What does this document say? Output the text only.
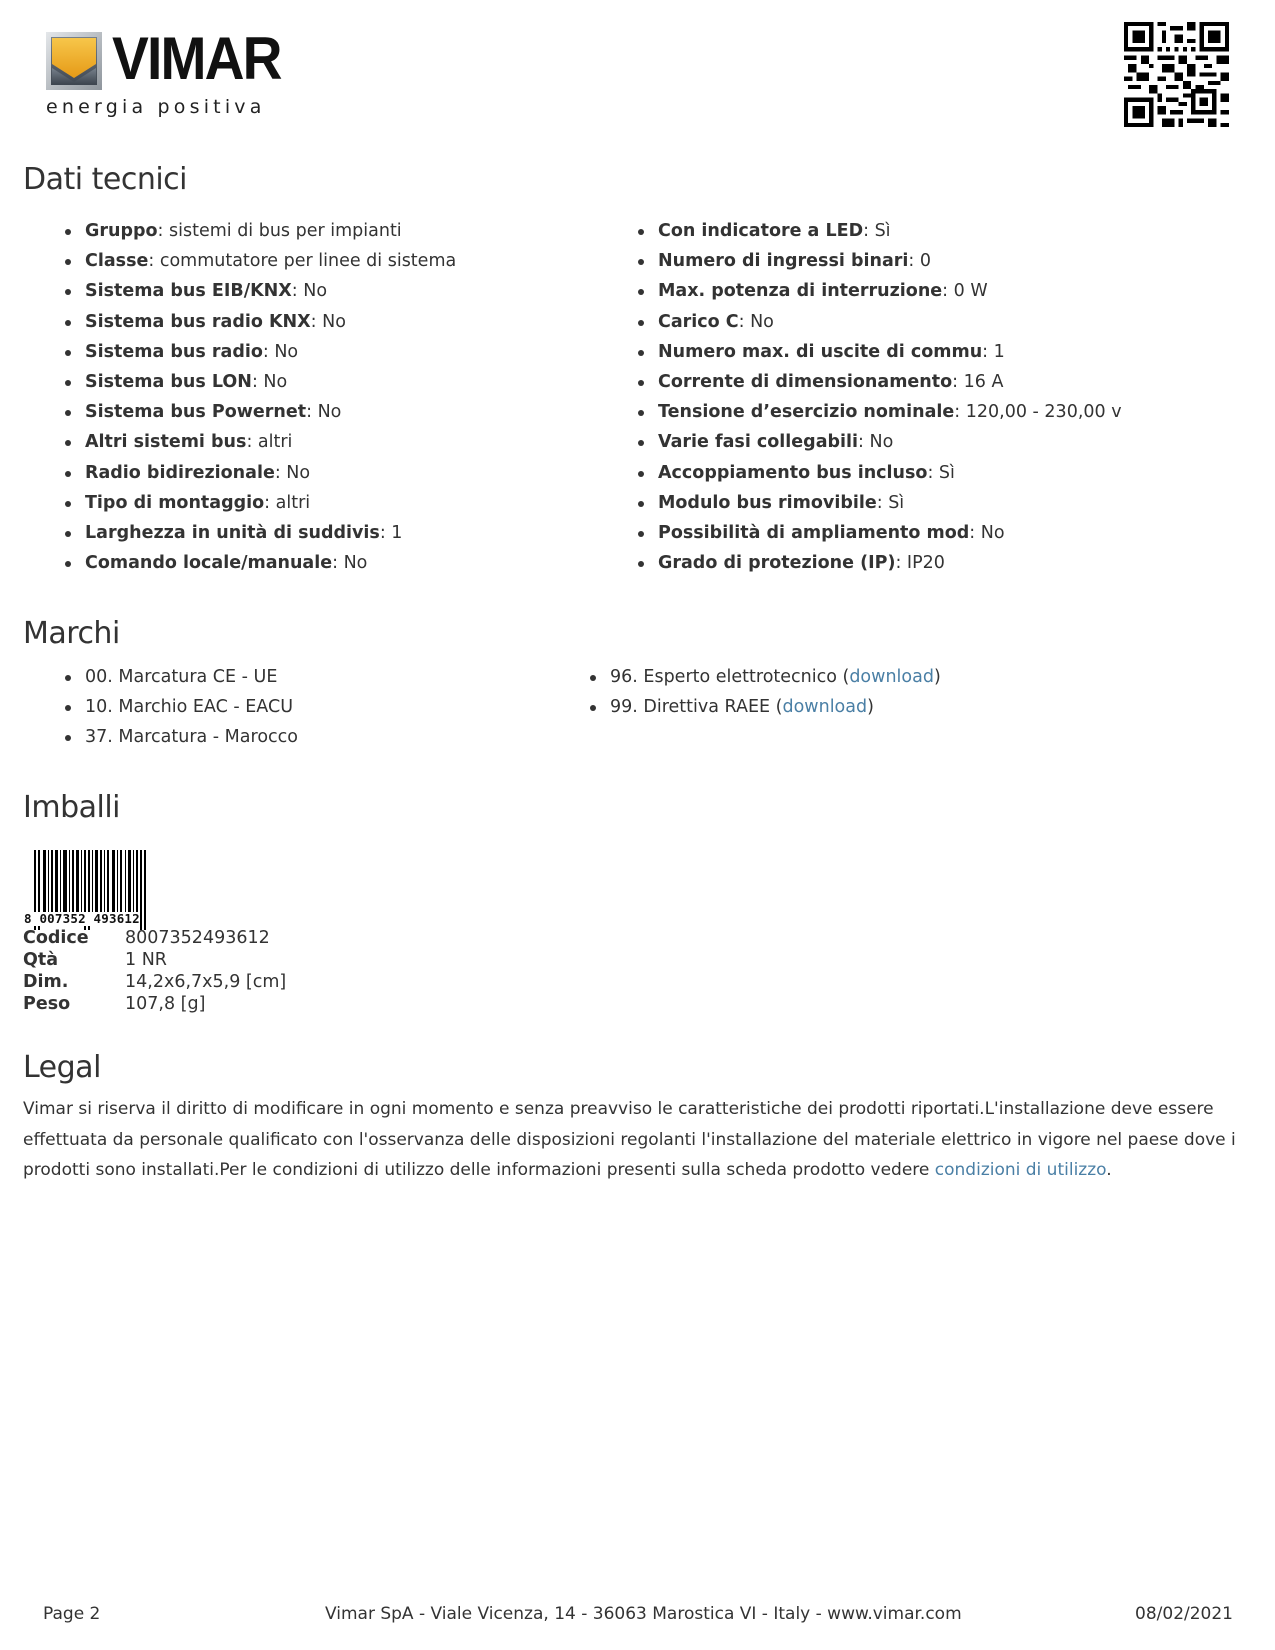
VIMAR
energia positiva
Dati tecnici
Gruppo: sistemi di bus per impianti
Classe: commutatore per linee di sistema
Sistema bus EIB/KNX: No
Sistema bus radio KNX: No
Sistema bus radio: No
Sistema bus LON: No
Sistema bus Powernet: No
Altri sistemi bus: altri
Radio bidirezionale: No
Tipo di montaggio: altri
Larghezza in unità di suddivis: 1
Comando locale/manuale: No
Con indicatore a LED: Sì
Numero di ingressi binari: 0
Max. potenza di interruzione: 0 W
Carico C: No
Numero max. di uscite di commu: 1
Corrente di dimensionamento: 16 A
Tensione d’esercizio nominale: 120,00 - 230,00 v
Varie fasi collegabili: No
Accoppiamento bus incluso: Sì
Modulo bus rimovibile: Sì
Possibilità di ampliamento mod: No
Grado di protezione (IP): IP20
Marchi
00. Marcatura CE - UE
10. Marchio EAC - EACU
37. Marcatura - Marocco
96. Esperto elettrotecnico (download)
99. Direttiva RAEE (download)
Imballi
8 007352 493612
Codice	8007352493612
Qtà	1 NR
Dim.	14,2x6,7x5,9 [cm]
Peso	107,8 [g]
Legal

Vimar si riserva il diritto di modificare in ogni momento e senza preavviso le caratteristiche dei prodotti riportati.L'installazione deve essere effettuata da personale qualificato con l'osservanza delle disposizioni regolanti l'installazione del materiale elettrico in vigore nel paese dove i prodotti sono installati.Per le condizioni di utilizzo delle informazioni presenti sulla scheda prodotto vedere condizioni di utilizzo.

Page 2	Vimar SpA - Viale Vicenza, 14 - 36063 Marostica VI - Italy - www.vimar.com	08/02/2021
